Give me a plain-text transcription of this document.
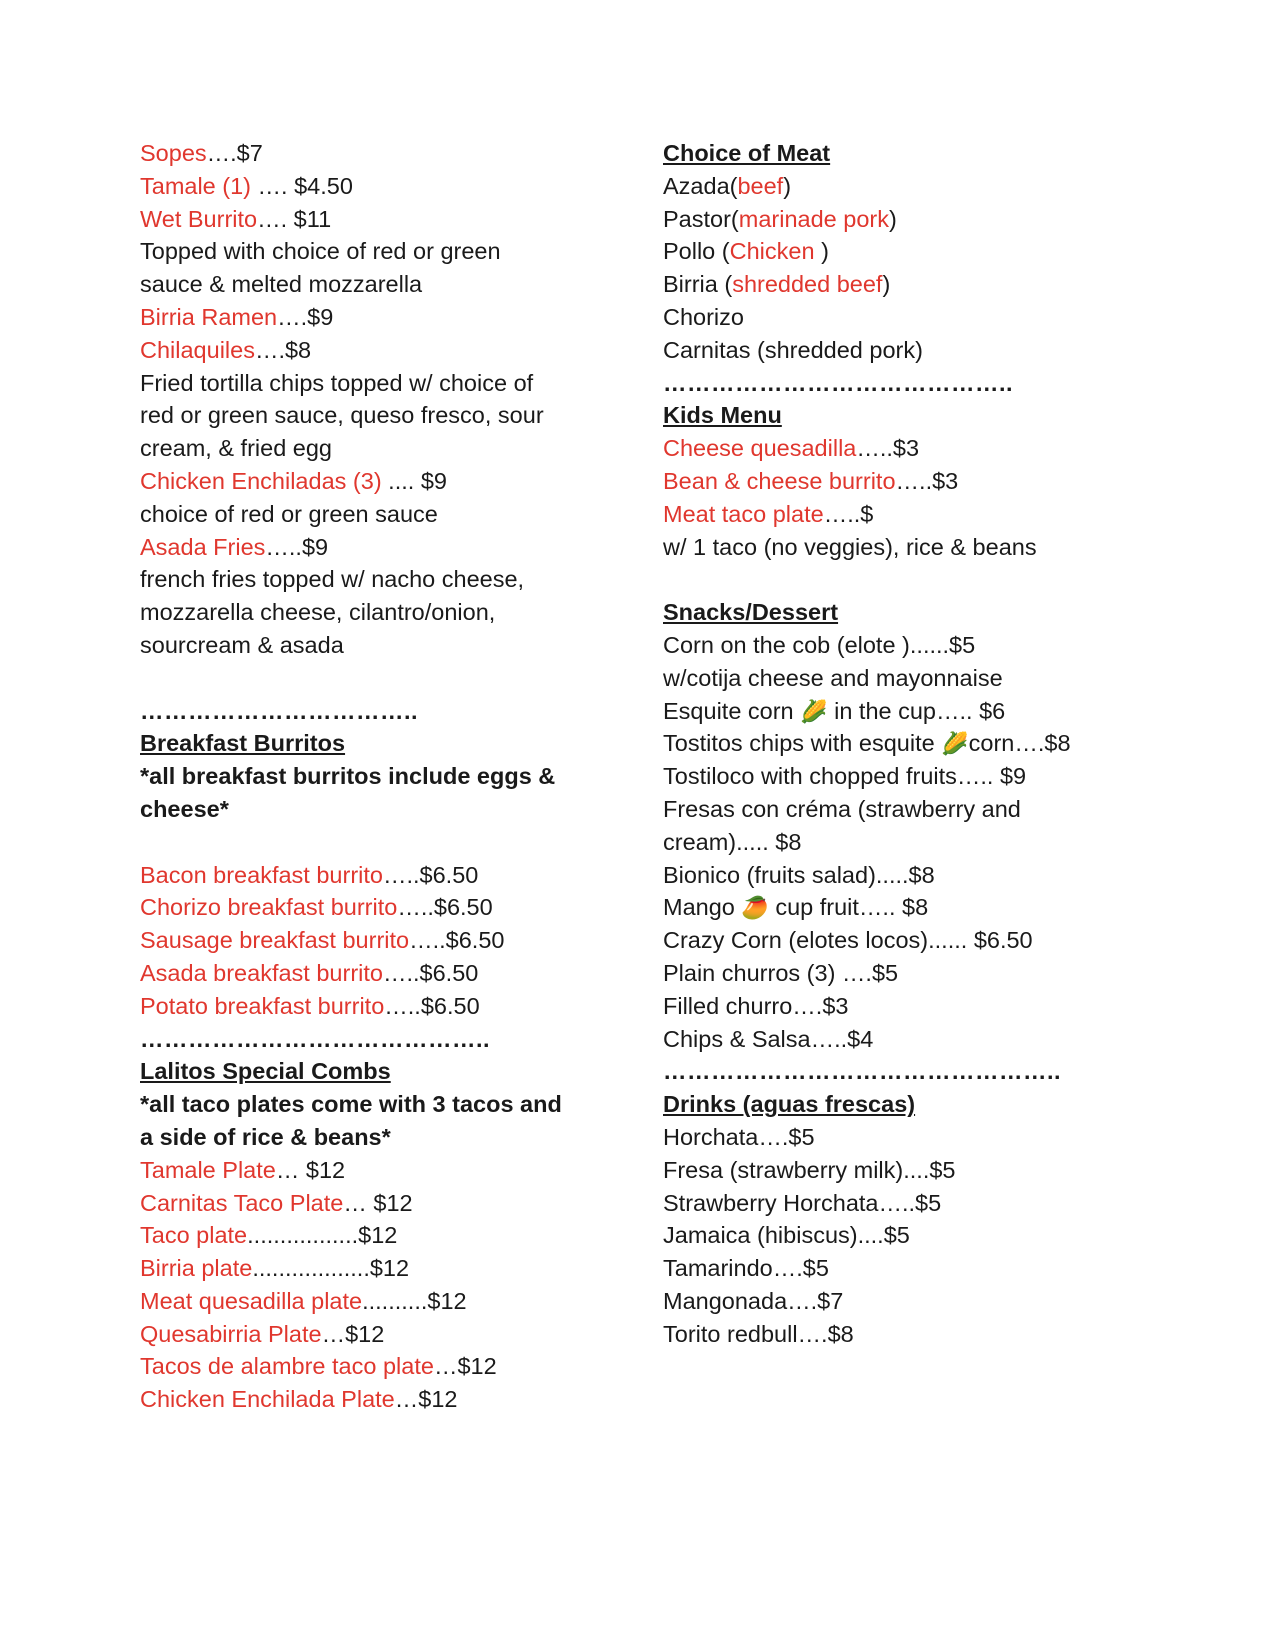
Sopes….$7

Tamale (1) …. $4.50

Wet Burrito…. $11

Topped with choice of red or green

sauce & melted mozzarella

Birria Ramen….$9

Chilaquiles….$8

Fried tortilla chips topped w/ choice of

red or green sauce, queso fresco, sour

cream, & fried egg

Chicken Enchiladas (3) .... $9

choice of red or green sauce

Asada Fries…..$9

french fries topped w/ nacho cheese,

mozzarella cheese, cilantro/onion,

sourcream & asada

……………………………..

Breakfast Burritos

*all breakfast burritos include eggs &

cheese*

Bacon breakfast burrito…..$6.50

Chorizo breakfast burrito…..$6.50

Sausage breakfast burrito…..$6.50

Asada breakfast burrito…..$6.50

Potato breakfast burrito…..$6.50

……………………………………..

Lalitos Special Combs

*all taco plates come with 3 tacos and

a side of rice & beans*

Tamale Plate… $12

Carnitas Taco Plate… $12

Taco plate.................$12

Birria plate..................$12

Meat quesadilla plate..........$12

Quesabirria Plate…$12

Tacos de alambre taco plate…$12

Chicken Enchilada Plate…$12

Choice of Meat

Azada(beef)

Pastor(marinade pork)

Pollo (Chicken )

Birria (shredded beef)

Chorizo

Carnitas (shredded pork)

……………………………………..

Kids Menu

Cheese quesadilla…..$3

Bean & cheese burrito…..$3

Meat taco plate…..$

w/ 1 taco (no veggies), rice & beans

Snacks/Dessert

Corn on the cob (elote )......$5

w/cotija cheese and mayonnaise

Esquite corn 🌽 in the cup….. $6

Tostitos chips with esquite 🌽corn….$8

Tostiloco with chopped fruits….. $9

Fresas con créma (strawberry and

cream)..... $8

Bionico (fruits salad).....$8

Mango 🥭 cup fruit….. $8

Crazy Corn (elotes locos)...... $6.50

Plain churros (3) ….$5

Filled churro….$3

Chips & Salsa…..$4

…………………………………………..

Drinks (aguas frescas)

Horchata….$5

Fresa (strawberry milk)....$5

Strawberry Horchata…..$5

Jamaica (hibiscus)....$5

Tamarindo….$5

Mangonada….$7

Torito redbull….$8
